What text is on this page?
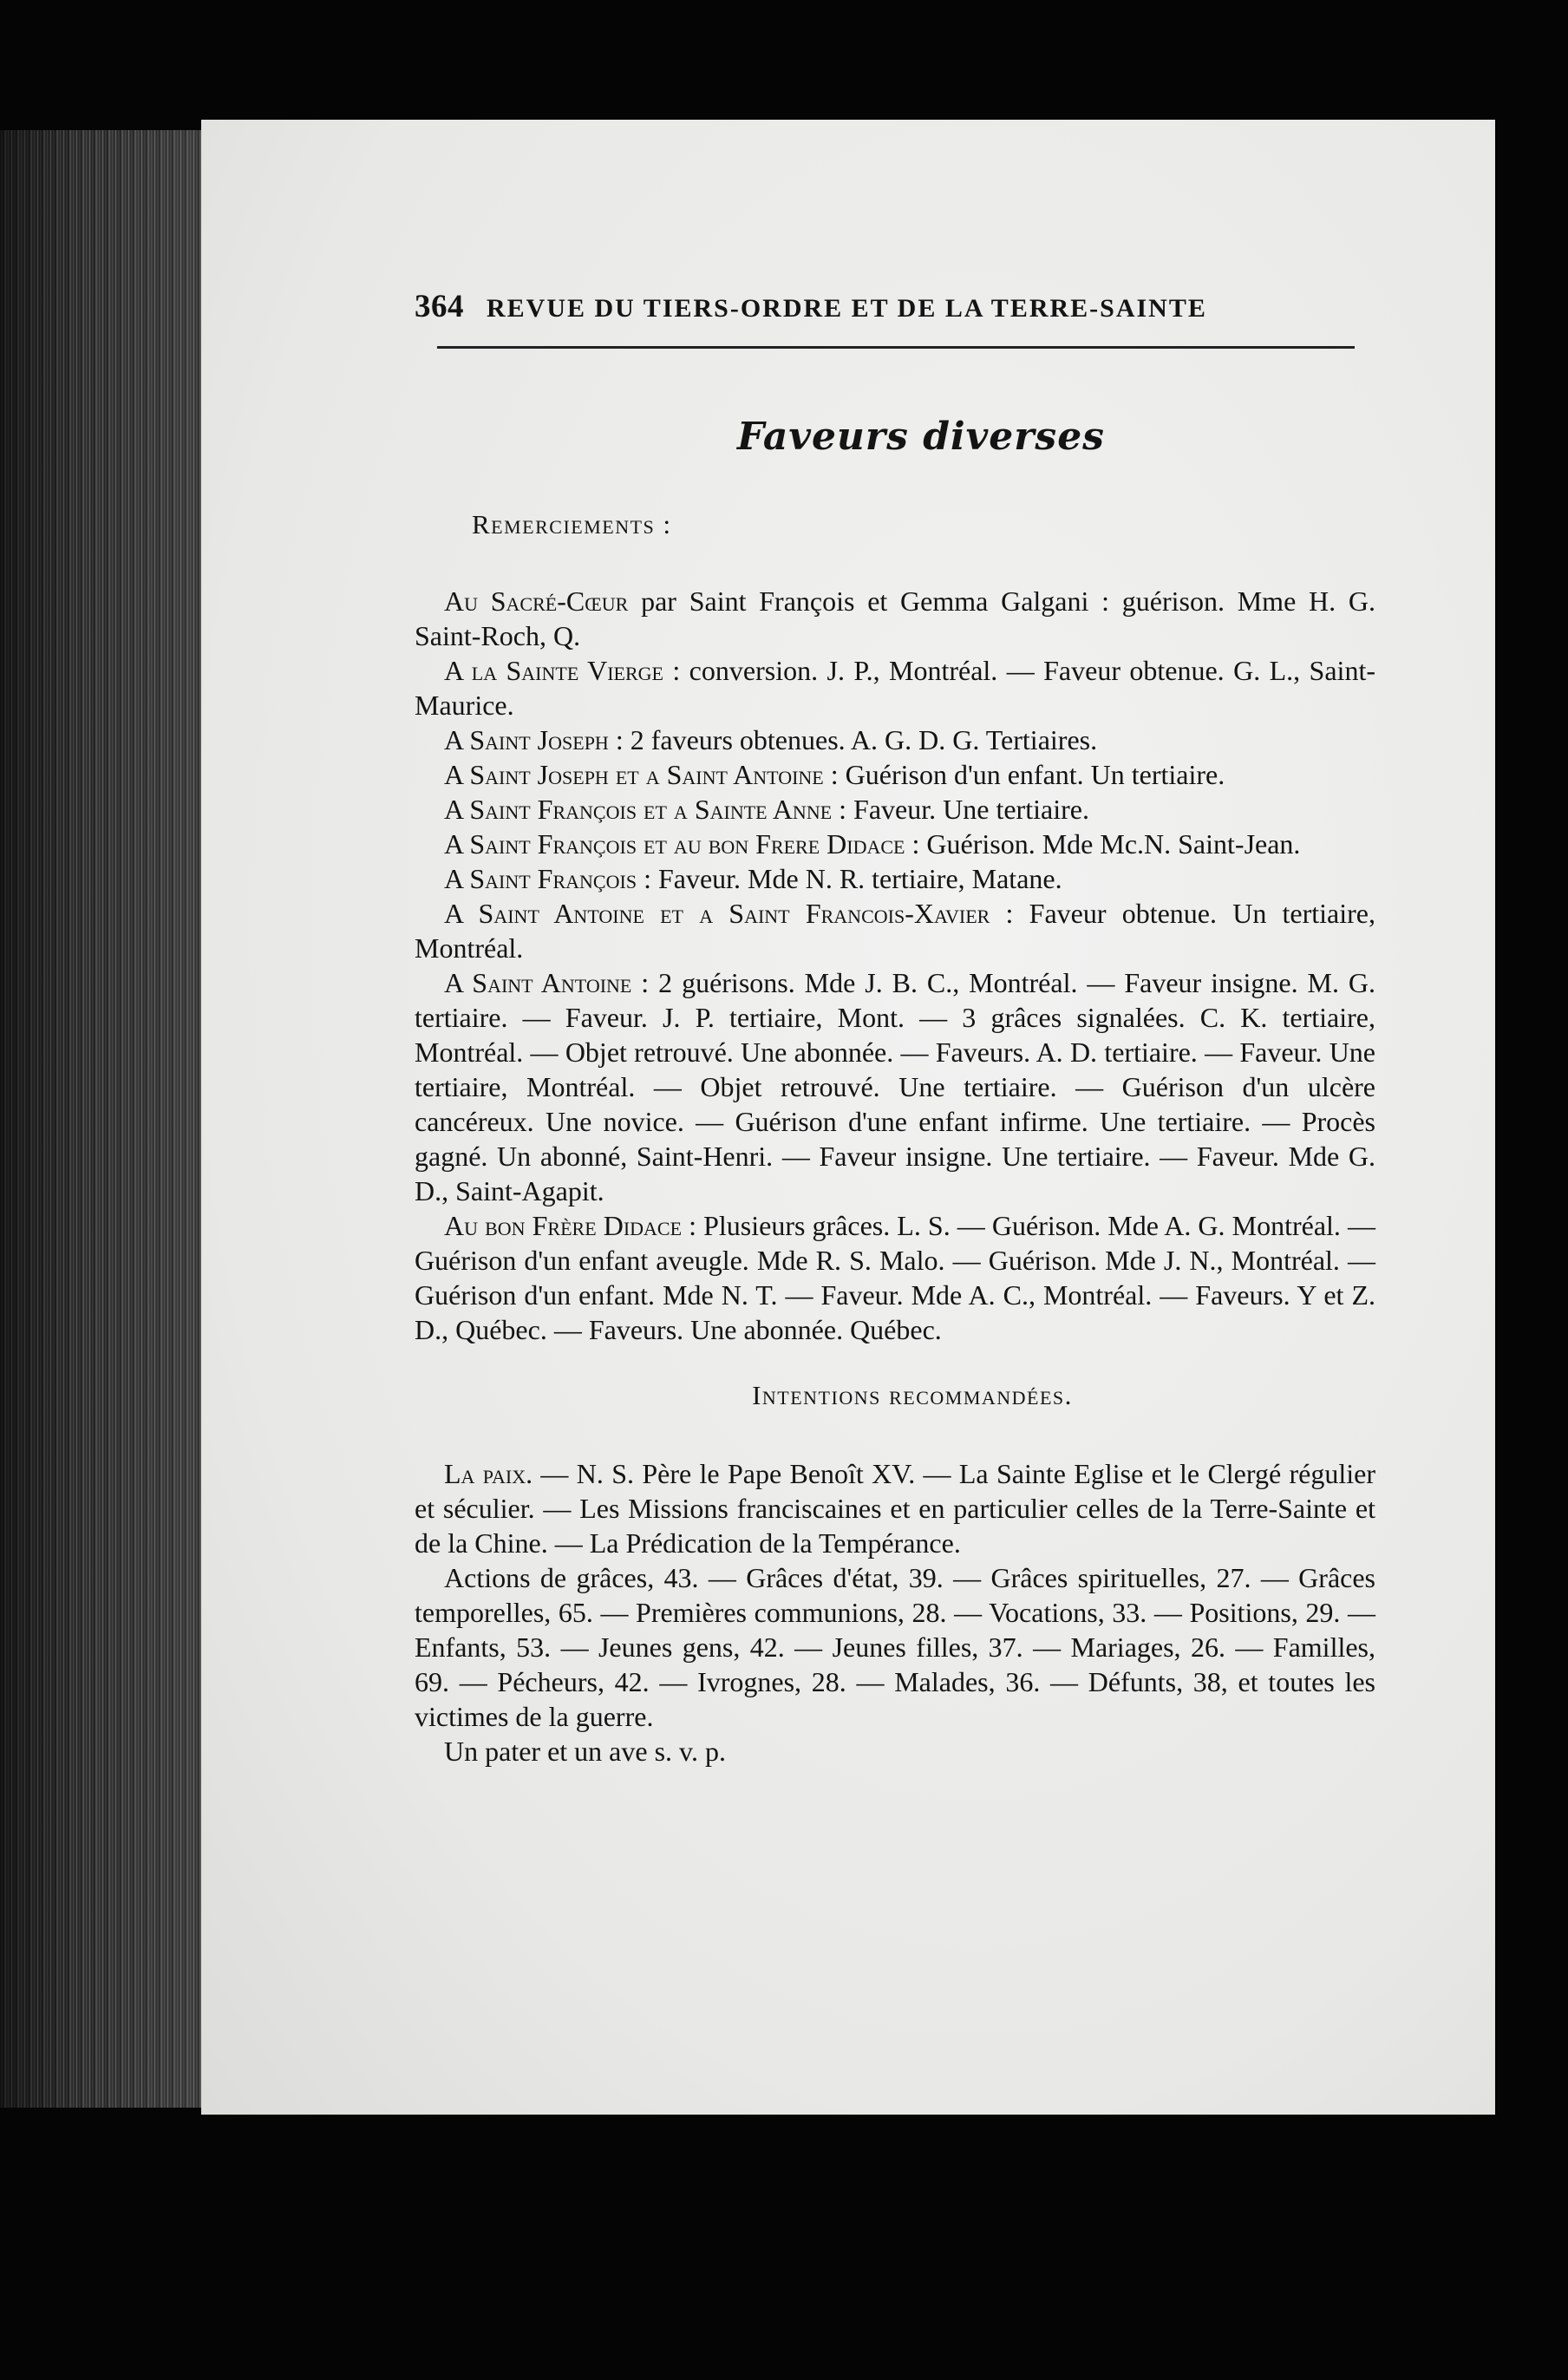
364 REVUE DU TIERS-ORDRE ET DE LA TERRE-SAINTE
Faveurs diverses
Remerciements :

Au Sacré-Cœur par Saint François et Gemma Galgani : guérison. Mme H. G. Saint-Roch, Q.

A la Sainte Vierge : conversion. J. P., Montréal. — Faveur obtenue. G. L., Saint-Maurice.

A Saint Joseph : 2 faveurs obtenues. A. G. D. G. Tertiaires.

A Saint Joseph et a Saint Antoine : Guérison d'un enfant. Un tertiaire.

A Saint François et a Sainte Anne : Faveur. Une tertiaire.

A Saint François et au bon Frere Didace : Guérison. Mde Mc.N. Saint-Jean.

A Saint François : Faveur. Mde N. R. tertiaire, Matane.

A Saint Antoine et a Saint Francois-Xavier : Faveur obtenue. Un tertiaire, Montréal.

A Saint Antoine : 2 guérisons. Mde J. B. C., Montréal. — Faveur insigne. M. G. tertiaire. — Faveur. J. P. tertiaire, Mont. — 3 grâces signalées. C. K. tertiaire, Montréal. — Objet retrouvé. Une abonnée. — Faveurs. A. D. tertiaire. — Faveur. Une tertiaire, Montréal. — Objet retrouvé. Une tertiaire. — Guérison d'un ulcère cancéreux. Une novice. — Guérison d'une enfant infirme. Une tertiaire. — Procès gagné. Un abonné, Saint-Henri. — Faveur insigne. Une tertiaire. — Faveur. Mde G. D., Saint-Agapit.

Au bon Frère Didace : Plusieurs grâces. L. S. — Guérison. Mde A. G. Montréal. — Guérison d'un enfant aveugle. Mde R. S. Malo. — Guérison. Mde J. N., Montréal. — Guérison d'un enfant. Mde N. T. — Faveur. Mde A. C., Montréal. — Faveurs. Y et Z. D., Québec. — Faveurs. Une abonnée. Québec.

Intentions recommandées.

La paix. — N. S. Père le Pape Benoît XV. — La Sainte Eglise et le Clergé régulier et séculier. — Les Missions franciscaines et en particulier celles de la Terre-Sainte et de la Chine. — La Prédication de la Tempérance.

Actions de grâces, 43. — Grâces d'état, 39. — Grâces spirituelles, 27. — Grâces temporelles, 65. — Premières communions, 28. — Vocations, 33. — Positions, 29. — Enfants, 53. — Jeunes gens, 42. — Jeunes filles, 37. — Mariages, 26. — Familles, 69. — Pécheurs, 42. — Ivrognes, 28. — Malades, 36. — Défunts, 38, et toutes les victimes de la guerre.

Un pater et un ave s. v. p.
